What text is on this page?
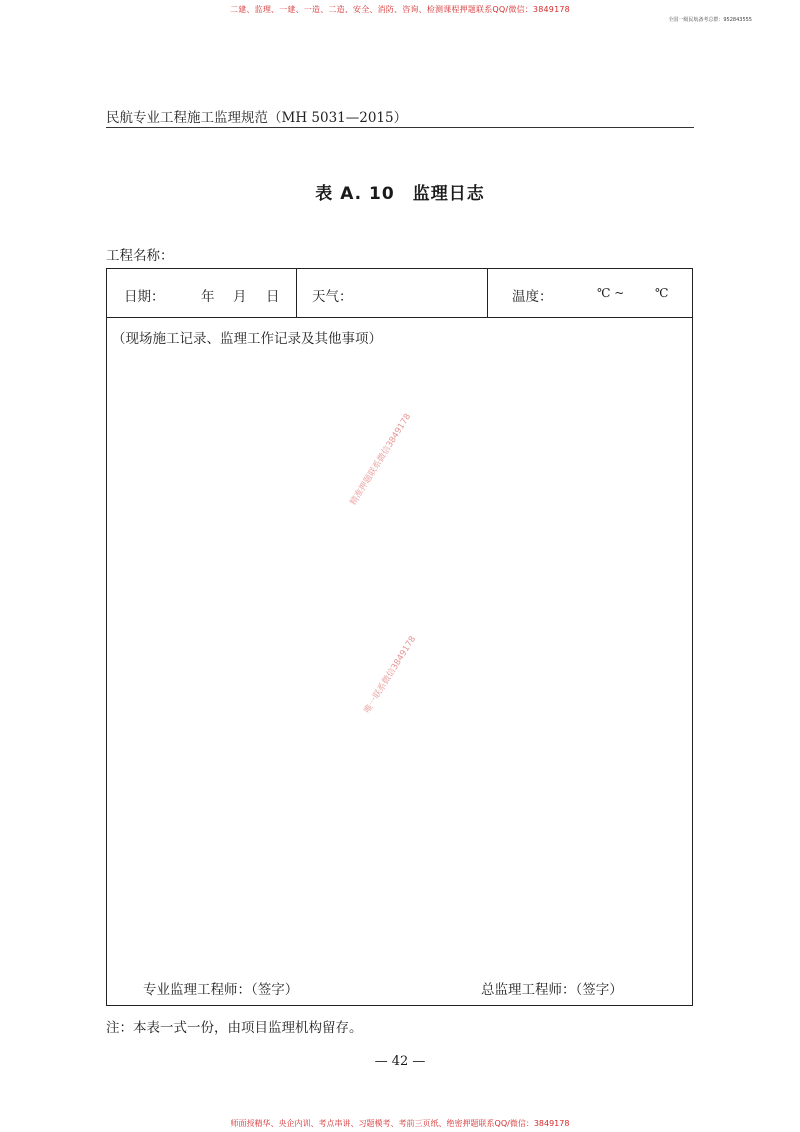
二建、监理、一建、一造、二造、安全、消防、咨询、检测课程押题联系QQ/微信：3849178
全国一级民航备考总群：952843555
民航专业工程施工监理规范（MH 5031—2015）
表 A. 10　监理日志
工程名称：
日期：	年 月 日 天气：	温度：	℃ ~	℃
（现场施工记录、监理工作记录及其他事项）
精准押题联系微信3849178
唯一联系微信3849178
专业监理工程师：（签字）	总监理工程师：（签字）
注：本表一式一份，由项目监理机构留存。
— 42 —
师面授精华、央企内训、考点串讲、习题模考、考前三页纸、绝密押题联系QQ/微信：3849178
